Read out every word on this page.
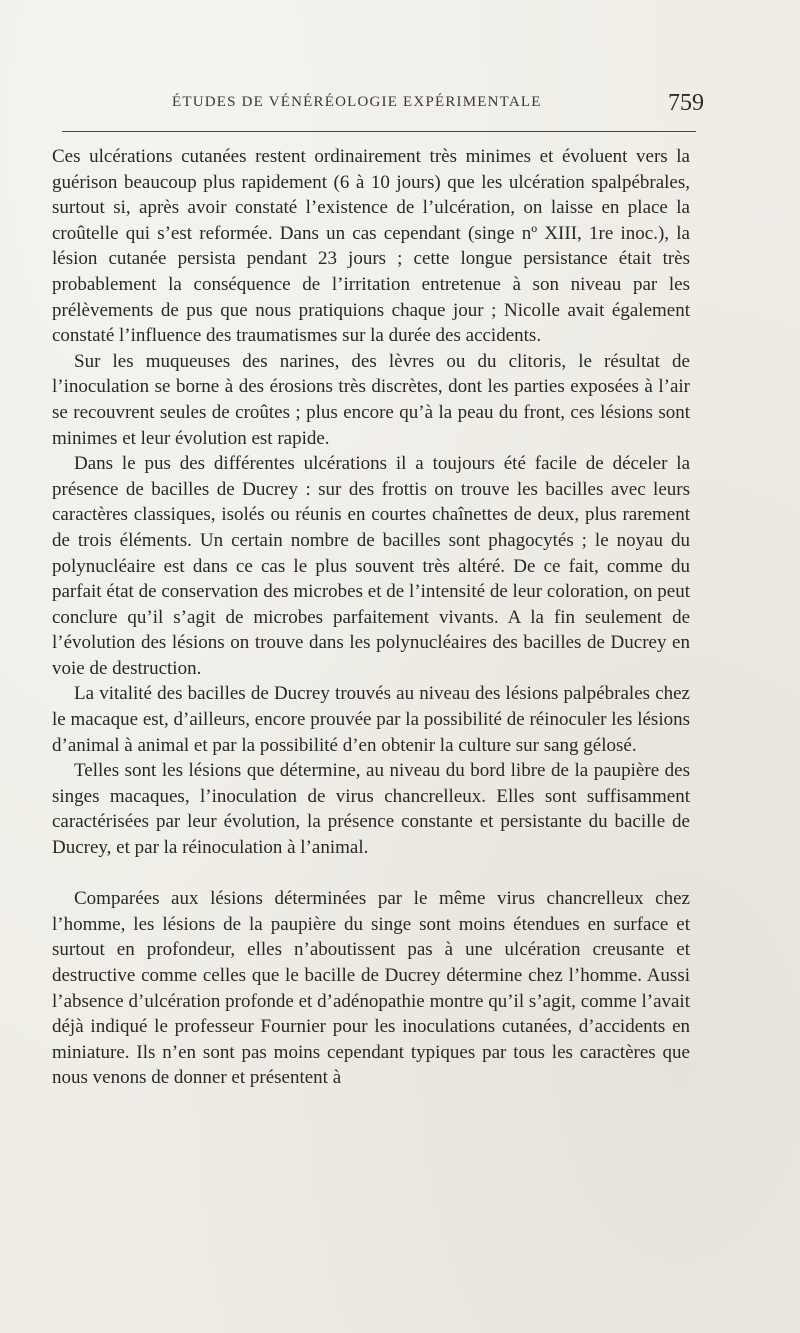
ÉTUDES DE VÉNÉRÉOLOGIE EXPÉRIMENTALE	759

Ces ulcérations cutanées restent ordinairement très minimes et évoluent vers la guérison beaucoup plus rapidement (6 à 10 jours) que les ulcération spalpébrales, surtout si, après avoir constaté l’existence de l’ulcération, on laisse en place la croûtelle qui s’est reformée. Dans un cas cependant (singe nº XIII, 1re inoc.), la lésion cutanée persista pendant 23 jours ; cette longue persistance était très probablement la conséquence de l’irritation entretenue à son niveau par les prélèvements de pus que nous pratiquions chaque jour ; Nicolle avait également constaté l’influence des traumatismes sur la durée des accidents.

Sur les muqueuses des narines, des lèvres ou du clitoris, le résultat de l’inoculation se borne à des érosions très discrètes, dont les parties exposées à l’air se recouvrent seules de croûtes ; plus encore qu’à la peau du front, ces lésions sont minimes et leur évolution est rapide.

Dans le pus des différentes ulcérations il a toujours été facile de déceler la présence de bacilles de Ducrey : sur des frottis on trouve les bacilles avec leurs caractères classiques, isolés ou réunis en courtes chaînettes de deux, plus rarement de trois éléments. Un certain nombre de bacilles sont phagocytés ; le noyau du polynucléaire est dans ce cas le plus souvent très altéré. De ce fait, comme du parfait état de conservation des microbes et de l’intensité de leur coloration, on peut conclure qu’il s’agit de microbes parfaitement vivants. A la fin seulement de l’évolution des lésions on trouve dans les polynucléaires des bacilles de Ducrey en voie de destruction.

La vitalité des bacilles de Ducrey trouvés au niveau des lésions palpébrales chez le macaque est, d’ailleurs, encore prouvée par la possibilité de réinoculer les lésions d’animal à animal et par la possibilité d’en obtenir la culture sur sang gélosé.

Telles sont les lésions que détermine, au niveau du bord libre de la paupière des singes macaques, l’inoculation de virus chancrelleux. Elles sont suffisamment caractérisées par leur évolution, la présence constante et persistante du bacille de Ducrey, et par la réinoculation à l’animal.

Comparées aux lésions déterminées par le même virus chancrelleux chez l’homme, les lésions de la paupière du singe sont moins étendues en surface et surtout en profondeur, elles n’aboutissent pas à une ulcération creusante et destructive comme celles que le bacille de Ducrey détermine chez l’homme. Aussi l’absence d’ulcération profonde et d’adénopathie montre qu’il s’agit, comme l’avait déjà indiqué le professeur Fournier pour les inoculations cutanées, d’accidents en miniature. Ils n’en sont pas moins cependant typiques par tous les caractères que nous venons de donner et présentent à
